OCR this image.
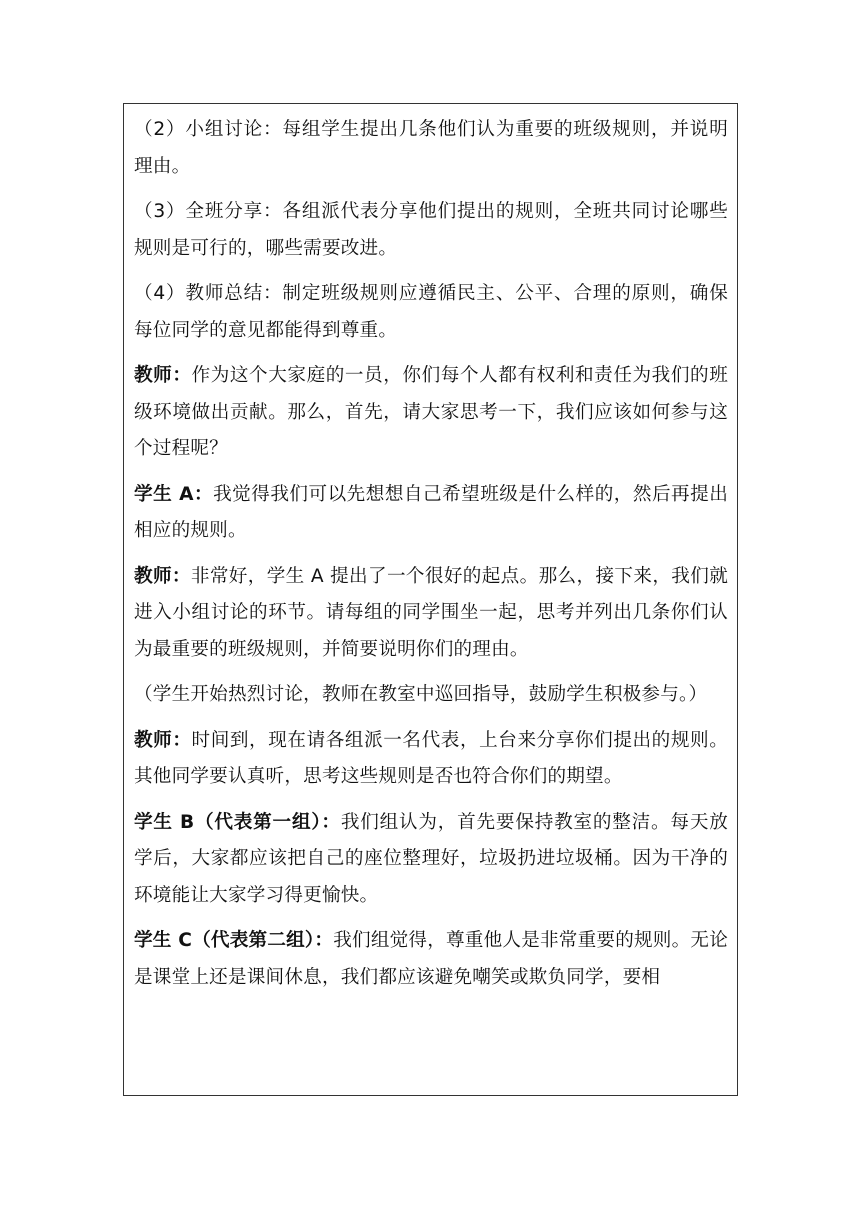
（2）小组讨论：每组学生提出几条他们认为重要的班级规则，并说明理由。

（3）全班分享：各组派代表分享他们提出的规则，全班共同讨论哪些规则是可行的，哪些需要改进。

（4）教师总结：制定班级规则应遵循民主、公平、合理的原则，确保每位同学的意见都能得到尊重。

教师：作为这个大家庭的一员，你们每个人都有权利和责任为我们的班级环境做出贡献。那么，首先，请大家思考一下，我们应该如何参与这个过程呢？

学生 A：我觉得我们可以先想想自己希望班级是什么样的，然后再提出相应的规则。

教师：非常好，学生 A 提出了一个很好的起点。那么，接下来，我们就进入小组讨论的环节。请每组的同学围坐一起，思考并列出几条你们认为最重要的班级规则，并简要说明你们的理由。

（学生开始热烈讨论，教师在教室中巡回指导，鼓励学生积极参与。）

教师：时间到，现在请各组派一名代表，上台来分享你们提出的规则。其他同学要认真听，思考这些规则是否也符合你们的期望。

学生 B（代表第一组）：我们组认为，首先要保持教室的整洁。每天放学后，大家都应该把自己的座位整理好，垃圾扔进垃圾桶。因为干净的环境能让大家学习得更愉快。

学生 C（代表第二组）：我们组觉得，尊重他人是非常重要的规则。无论是课堂上还是课间休息，我们都应该避免嘲笑或欺负同学，要相
